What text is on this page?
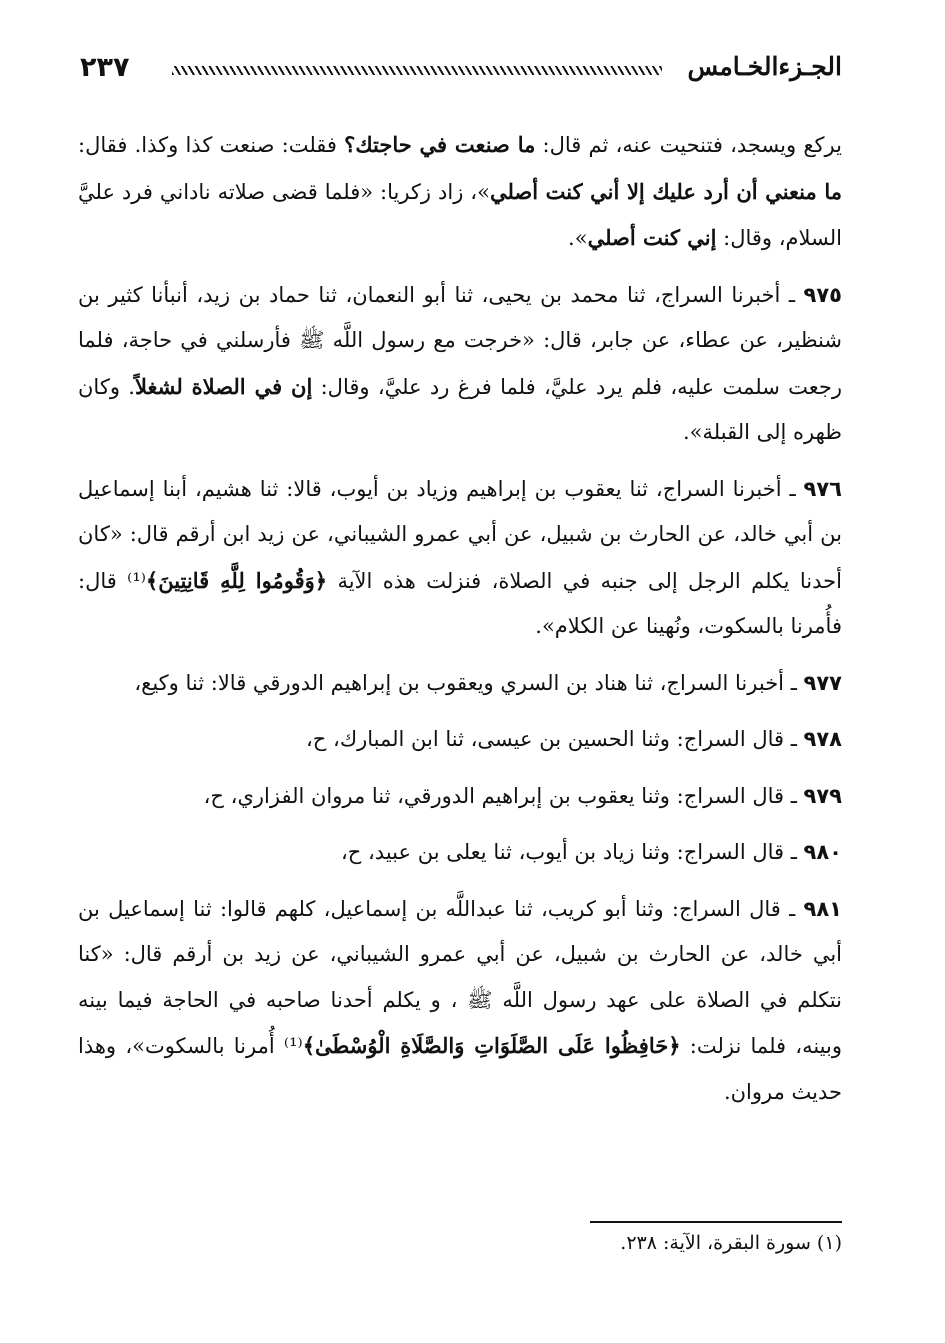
٢٣٧	الجـزءالخـامس

يركع ويسجد، فتنحيت عنه، ثم قال: ما صنعت في حاجتك؟ فقلت: صنعت كذا وكذا. فقال: ما منعني أن أرد عليك إلا أني كنت أصلي»، زاد زكريا: «فلما قضى صلاته ناداني فرد عليَّ السلام، وقال: إني كنت أصلي».

٩٧٥ ـ أخبرنا السراج، ثنا محمد بن يحيى، ثنا أبو النعمان، ثنا حماد بن زيد، أنبأنا كثير بن شنظير، عن عطاء، عن جابر، قال: «خرجت مع رسول اللَّه ﷺ فأرسلني في حاجة، فلما رجعت سلمت عليه، فلم يرد عليَّ، فلما فرغ رد عليَّ، وقال: إن في الصلاة لشغلاً. وكان ظهره إلى القبلة».

٩٧٦ ـ أخبرنا السراج، ثنا يعقوب بن إبراهيم وزياد بن أيوب، قالا: ثنا هشيم، أبنا إسماعيل بن أبي خالد، عن الحارث بن شبيل، عن أبي عمرو الشيباني، عن زيد ابن أرقم قال: «كان أحدنا يكلم الرجل إلى جنبه في الصلاة، فنزلت هذه الآية ﴿وَقُومُوا لِلَّهِ قَانِتِينَ﴾⁽¹⁾ قال: فأُمرنا بالسكوت، ونُهينا عن الكلام».

٩٧٧ ـ أخبرنا السراج، ثنا هناد بن السري ويعقوب بن إبراهيم الدورقي قالا: ثنا وكيع،

٩٧٨ ـ قال السراج: وثنا الحسين بن عيسى، ثنا ابن المبارك، ح،

٩٧٩ ـ قال السراج: وثنا يعقوب بن إبراهيم الدورقي، ثنا مروان الفزاري، ح،

٩٨٠ ـ قال السراج: وثنا زياد بن أيوب، ثنا يعلى بن عبيد، ح،

٩٨١ ـ قال السراج: وثنا أبو كريب، ثنا عبداللَّه بن إسماعيل، كلهم قالوا: ثنا إسماعيل بن أبي خالد، عن الحارث بن شبيل، عن أبي عمرو الشيباني، عن زيد بن أرقم قال: «كنا نتكلم في الصلاة على عهد رسول اللَّه ﷺ ، و يكلم أحدنا صاحبه في الحاجة فيما بينه وبينه، فلما نزلت: ﴿حَافِظُوا عَلَى الصَّلَوَاتِ وَالصَّلَاةِ الْوُسْطَىٰ﴾⁽¹⁾ أُمرنا بالسكوت»، وهذا حديث مروان.

(١) سورة البقرة، الآية: ٢٣٨.
